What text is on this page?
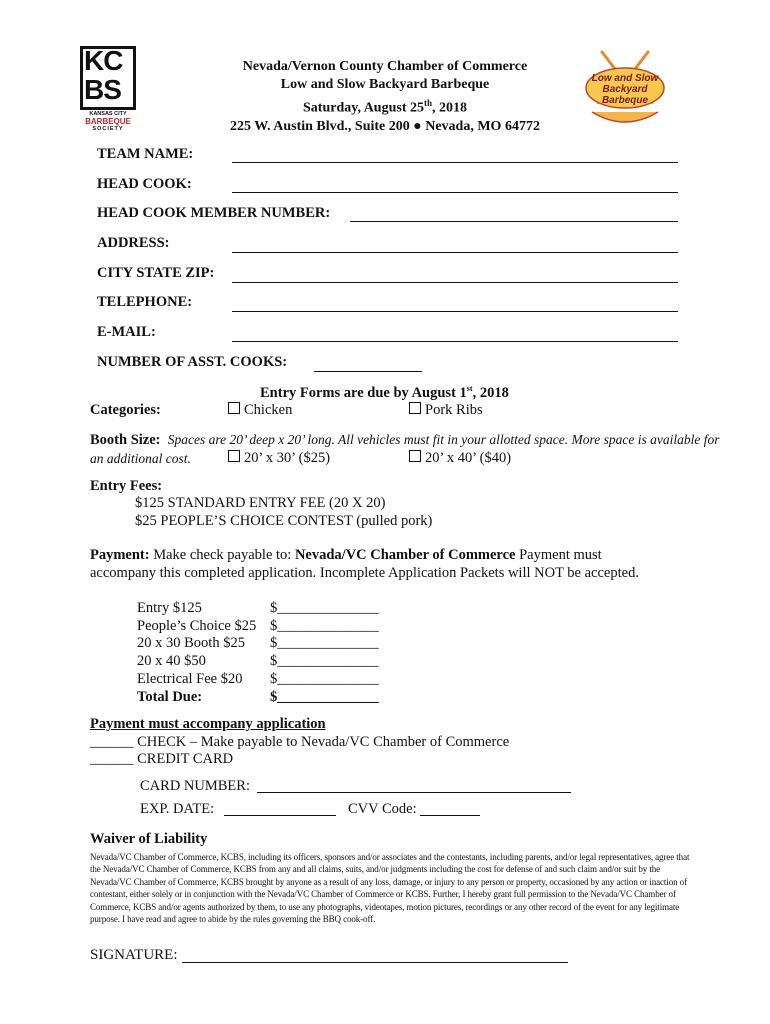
KC
BS
KANSAS CITY
BARBEQUE
SOCIETY
Low and Slow
Backyard
Barbeque
Nevada/Vernon County Chamber of Commerce
Low and Slow Backyard Barbeque
Saturday, August 25th, 2018
225 W. Austin Blvd., Suite 200 ● Nevada, MO 64772
TEAM NAME:
HEAD COOK:
HEAD COOK MEMBER NUMBER:
ADDRESS:
CITY STATE ZIP:
TELEPHONE:
E-MAIL:
NUMBER OF ASST. COOKS:
Entry Forms are due by August 1st, 2018
Categories:	Chicken	Pork Ribs
Booth Size: Spaces are 20’ deep x 20’ long. All vehicles must fit in your allotted space. More space is available for
an additional cost.	20’ x 30’ ($25)	20’ x 40’ ($40)
Entry Fees:
$125 STANDARD ENTRY FEE (20 X 20)
$25 PEOPLE’S CHOICE CONTEST (pulled pork)
Payment: Make check payable to: Nevada/VC Chamber of Commerce Payment must
accompany this completed application. Incomplete Application Packets will NOT be accepted.
Entry $125	$______________
People’s Choice $25 $______________
20 x 30 Booth $25 $______________
20 x 40 $50	$______________
Electrical Fee $20 $______________
Total Due:	$______________
Payment must accompany application
______ CHECK – Make payable to Nevada/VC Chamber of Commerce
______ CREDIT CARD
CARD NUMBER:
EXP. DATE:	CVV Code:
Waiver of Liability
Nevada/VC Chamber of Commerce, KCBS, including its officers, sponsors and/or associates and the contestants, including parents, and/or legal representatives, agree that the Nevada/VC Chamber of Commerce, KCBS from any and all claims, suits, and/or judgments including the cost for defense of and such claim and/or suit by the Nevada/VC Chamber of Commerce, KCBS brought by anyone as a result of any loss, damage, or injury to any person or property, occasioned by any action or inaction of contestant, either solely or in conjunction with the Nevada/VC Chamber of Commerce or KCBS. Further, I hereby grant full permission to the Nevada/VC Chamber of Commerce, KCBS and/or agents authorized by them, to use any photographs, videotapes, motion pictures, recordings or any other record of the event for any legitimate purpose. I have read and agree to abide by the rules governing the BBQ cook-off.
SIGNATURE:
